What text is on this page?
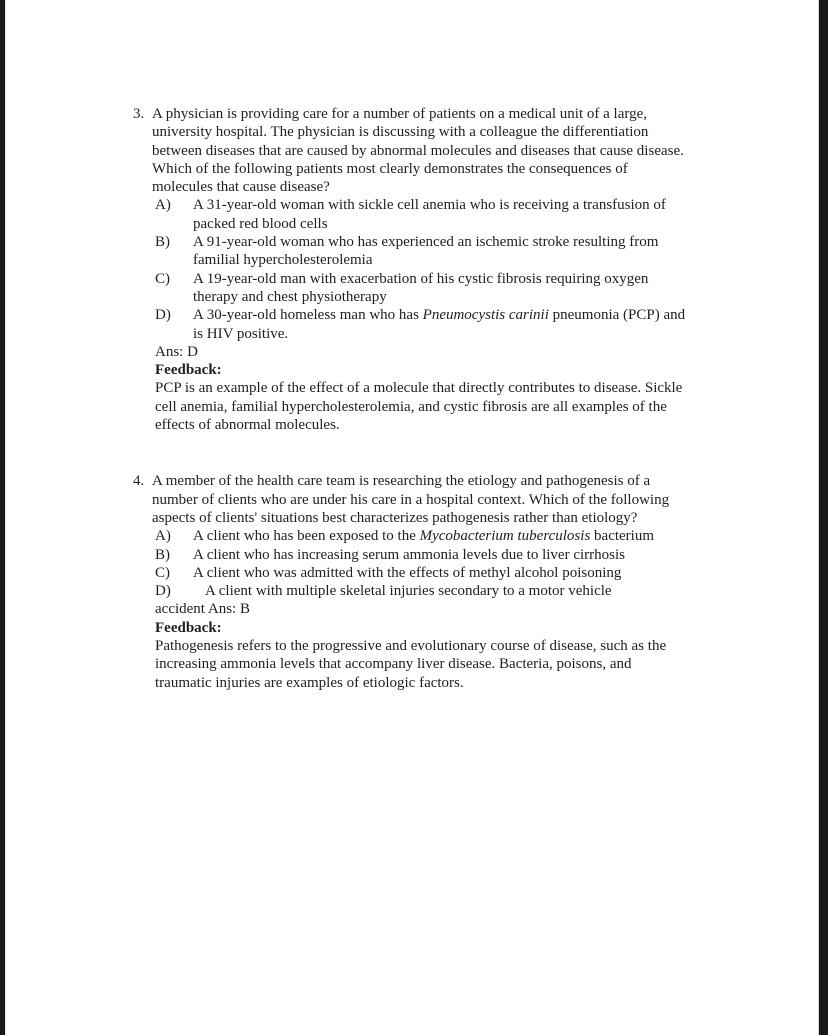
3. A physician is providing care for a number of patients on a medical unit of a large,
university hospital. The physician is discussing with a colleague the differentiation
between diseases that are caused by abnormal molecules and diseases that cause disease.
Which of the following patients most clearly demonstrates the consequences of
molecules that cause disease?
A)	A 31-year-old woman with sickle cell anemia who is receiving a transfusion of
packed red blood cells
B)	A 91-year-old woman who has experienced an ischemic stroke resulting from
familial hypercholesterolemia
C)	A 19-year-old man with exacerbation of his cystic fibrosis requiring oxygen
therapy and chest physiotherapy
D)	A 30-year-old homeless man who has Pneumocystis carinii pneumonia (PCP) and
is HIV positive.
Ans: D
Feedback:
PCP is an example of the effect of a molecule that directly contributes to disease. Sickle
cell anemia, familial hypercholesterolemia, and cystic fibrosis are all examples of the
effects of abnormal molecules.
4. A member of the health care team is researching the etiology and pathogenesis of a
number of clients who are under his care in a hospital context. Which of the following
aspects of clients' situations best characterizes pathogenesis rather than etiology?
A)	A client who has been exposed to the Mycobacterium tuberculosis bacterium
B)	A client who has increasing serum ammonia levels due to liver cirrhosis
C)	A client who was admitted with the effects of methyl alcohol poisoning
D)	A client with multiple skeletal injuries secondary to a motor vehicle
accident Ans: B
Feedback:
Pathogenesis refers to the progressive and evolutionary course of disease, such as the
increasing ammonia levels that accompany liver disease. Bacteria, poisons, and
traumatic injuries are examples of etiologic factors.
